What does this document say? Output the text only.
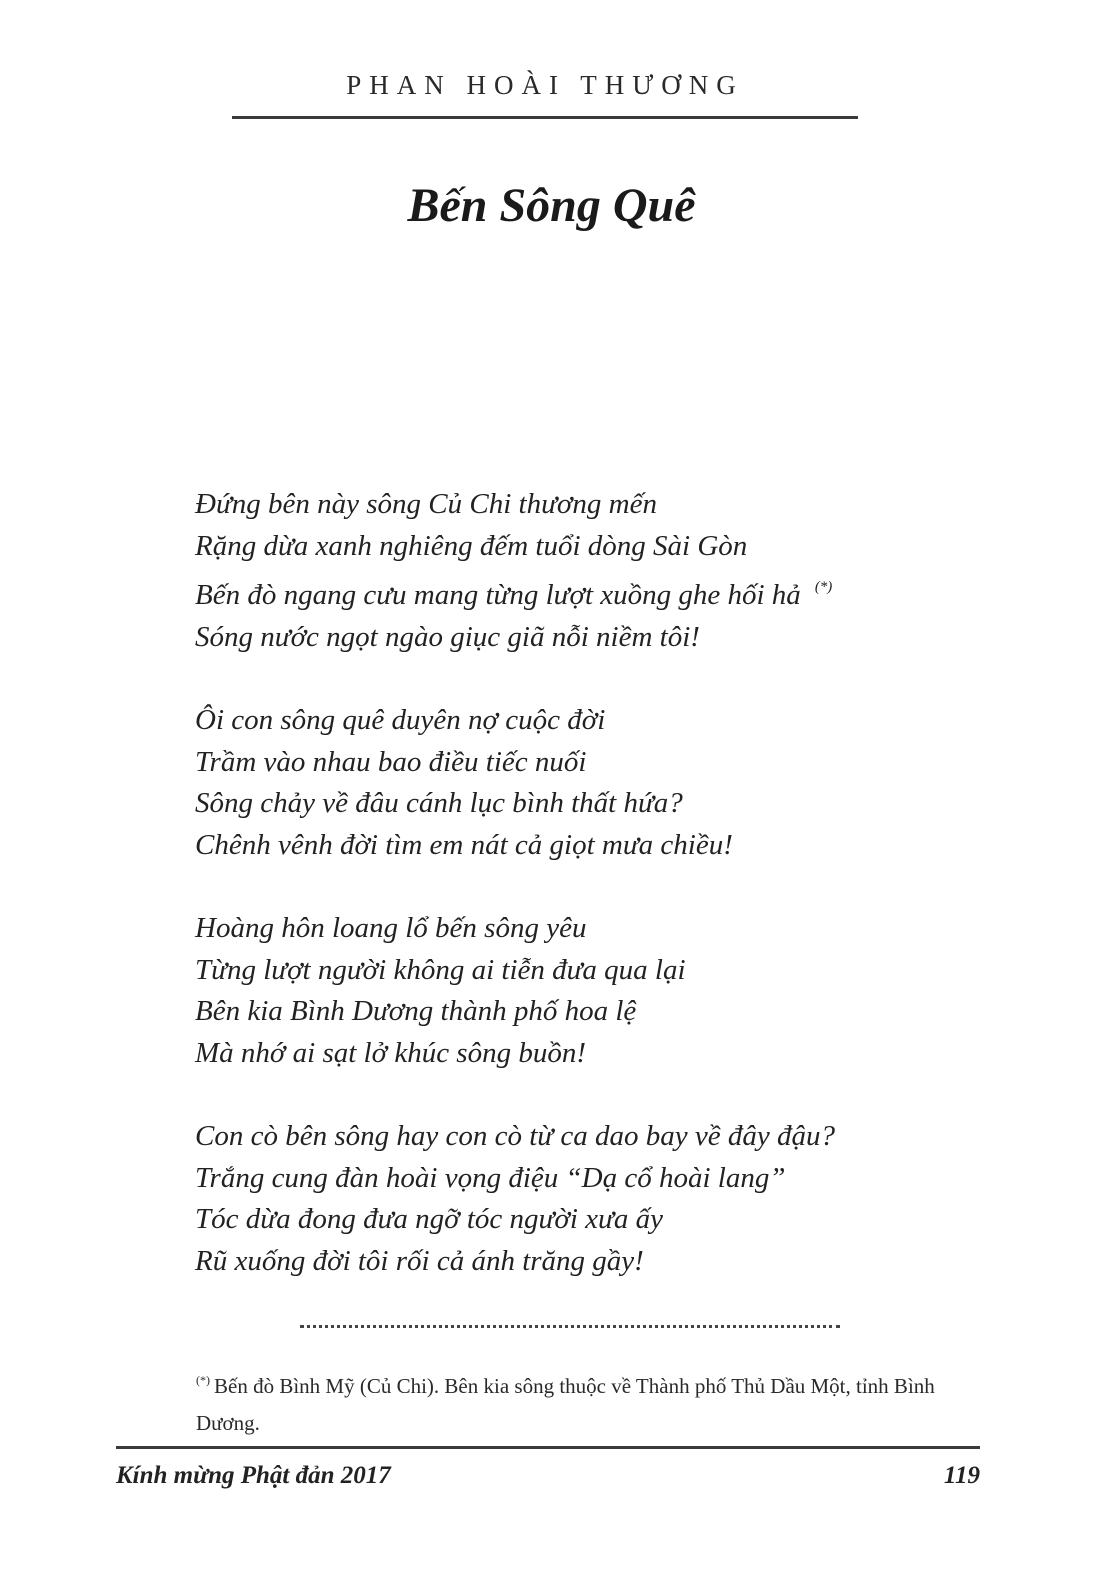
PHAN HOÀI THƯƠNG
Bến Sông Quê
Đứng bên này sông Củ Chi thương mến
Rặng dừa xanh nghiêng đếm tuổi dòng Sài Gòn
Bến đò ngang cưu mang từng lượt xuồng ghe hối hả (*)
Sóng nước ngọt ngào giục giã nỗi niềm tôi!
Ôi con sông quê duyên nợ cuộc đời
Trầm vào nhau bao điều tiếc nuối
Sông chảy về đâu cánh lục bình thất hứa?
Chênh vênh đời tìm em nát cả giọt mưa chiều!
Hoàng hôn loang lổ bến sông yêu
Từng lượt người không ai tiễn đưa qua lại
Bên kia Bình Dương thành phố hoa lệ
Mà nhớ ai sạt lở khúc sông buồn!
Con cò bên sông hay con cò từ ca dao bay về đây đậu?
Trắng cung đàn hoài vọng điệu “Dạ cổ hoài lang”
Tóc dừa đong đưa ngỡ tóc người xưa ấy
Rũ xuống đời tôi rối cả ánh trăng gầy!
(*) Bến đò Bình Mỹ (Củ Chi). Bên kia sông thuộc về Thành phố Thủ Dầu Một, tỉnh Bình Dương.
Kính mừng Phật đản 2017	119
